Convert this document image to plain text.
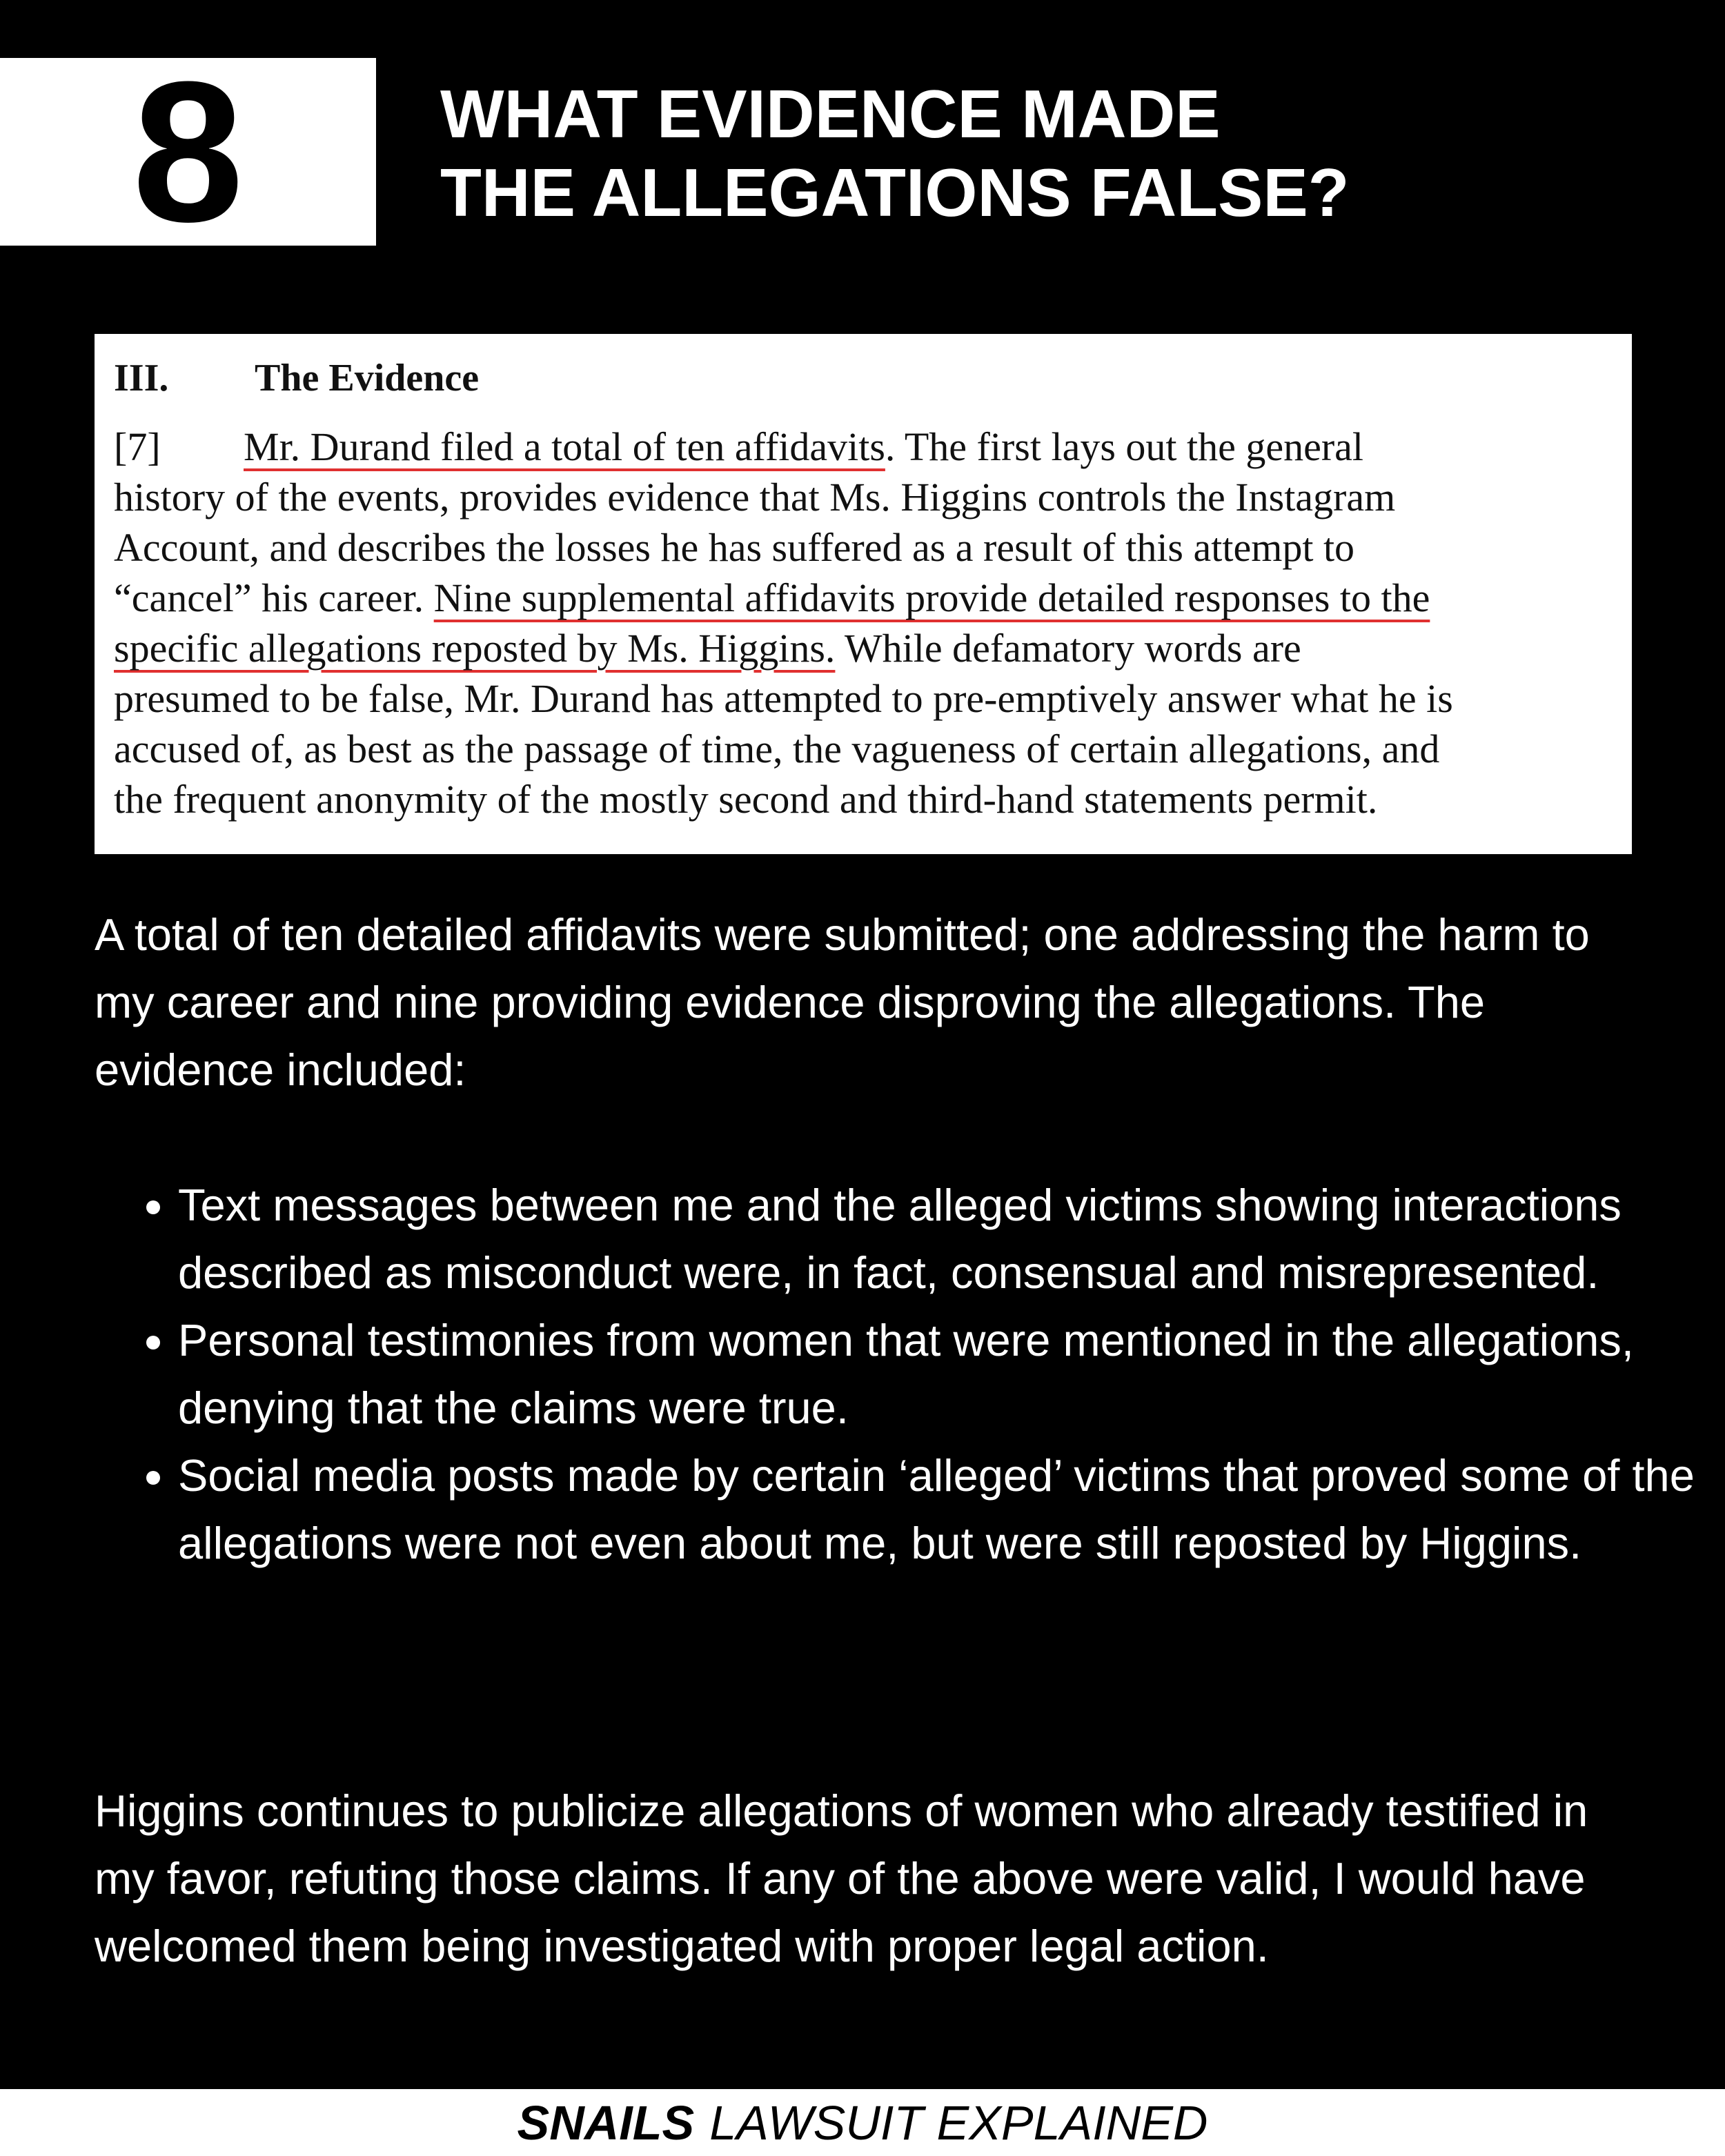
8	WHAT EVIDENCE MADE
THE ALLEGATIONS FALSE?
III. The Evidence
[7] Mr. Durand filed a total of ten affidavits. The first lays out the general
history of the events, provides evidence that Ms. Higgins controls the Instagram
Account, and describes the losses he has suffered as a result of this attempt to
“cancel” his career. Nine supplemental affidavits provide detailed responses to the
specific allegations reposted by Ms. Higgins. While defamatory words are
presumed to be false, Mr. Durand has attempted to pre-emptively answer what he is
accused of, as best as the passage of time, the vagueness of certain allegations, and
the frequent anonymity of the mostly second and third-hand statements permit.
A total of ten detailed affidavits were submitted; one addressing the harm to my career and nine providing evidence disproving the allegations. The evidence included:
• Text messages between me and the alleged victims showing interactions described as misconduct were, in fact, consensual and misrepresented.
• Personal testimonies from women that were mentioned in the allegations, denying that the claims were true.
• Social media posts made by certain ‘alleged’ victims that proved some of the allegations were not even about me, but were still reposted by Higgins.
Higgins continues to publicize allegations of women who already testified in my favor, refuting those claims. If any of the above were valid, I would have welcomed them being investigated with proper legal action.
SNAILS LAWSUIT EXPLAINED
